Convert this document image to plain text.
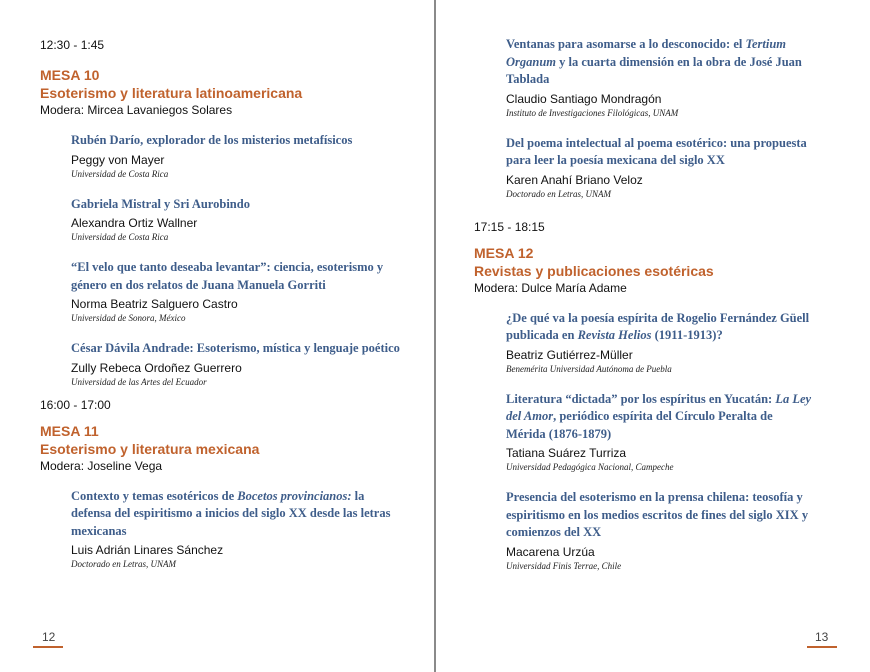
12:30 - 1:45
MESA 10
Esoterismo y literatura latinoamericana
Modera: Mircea Lavaniegos Solares
Rubén Darío, explorador de los misterios metafísicos
Peggy von Mayer
Universidad de Costa Rica
Gabriela Mistral y Sri Aurobindo
Alexandra Ortiz Wallner
Universidad de Costa Rica
“El velo que tanto deseaba levantar”: ciencia, esoterismo y género en dos relatos de Juana Manuela Gorriti
Norma Beatriz Salguero Castro
Universidad de Sonora, México
César Dávila Andrade: Esoterismo, mística y lenguaje poético
Zully Rebeca Ordoñez Guerrero
Universidad de las Artes del Ecuador
16:00 - 17:00
MESA 11
Esoterismo y literatura mexicana
Modera: Joseline Vega
Contexto y temas esotéricos de Bocetos provincianos: la defensa del espiritismo a inicios del siglo XX desde las letras mexicanas
Luis Adrián Linares Sánchez
Doctorado en Letras, UNAM
12
Ventanas para asomarse a lo desconocido: el Tertium Organum y la cuarta dimensión en la obra de José Juan Tablada
Claudio Santiago Mondragón
Instituto de Investigaciones Filológicas, UNAM
Del poema intelectual al poema esotérico: una propuesta para leer la poesía mexicana del siglo XX
Karen Anahí Briano Veloz
Doctorado en Letras, UNAM
17:15 - 18:15
MESA 12
Revistas y publicaciones esotéricas
Modera: Dulce María Adame
¿De qué va la poesía espírita de Rogelio Fernández Güell publicada en Revista Helios (1911-1913)?
Beatriz Gutiérrez-Müller
Benemérita Universidad Autónoma de Puebla
Literatura “dictada” por los espíritus en Yucatán: La Ley del Amor, periódico espírita del Círculo Peralta de Mérida (1876-1879)
Tatiana Suárez Turriza
Universidad Pedagógica Nacional, Campeche
Presencia del esoterismo en la prensa chilena: teosofía y espiritismo en los medios escritos de fines del siglo XIX y comienzos del XX
Macarena Urzúa
Universidad Finis Terrae, Chile
13
